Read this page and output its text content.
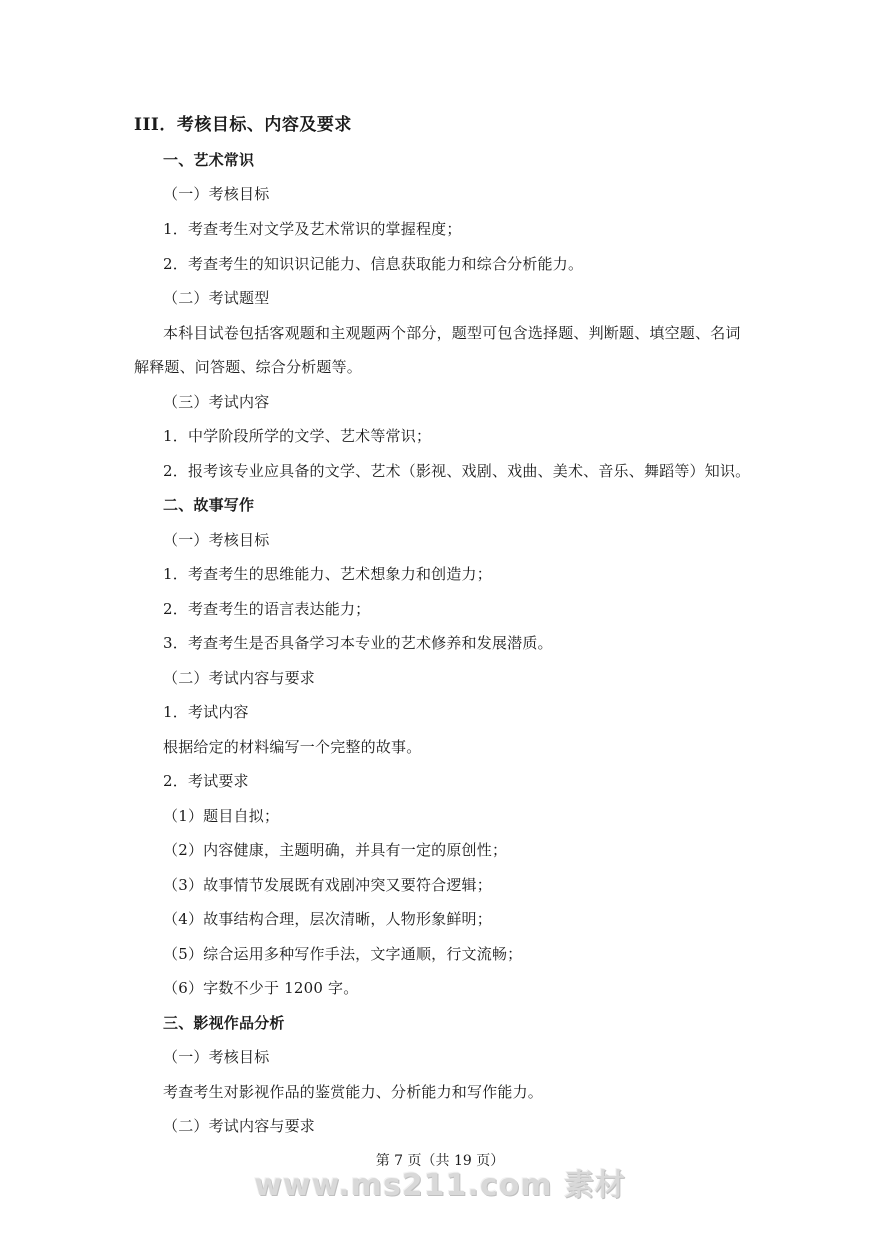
III．考核目标、内容及要求
一、艺术常识
（一）考核目标
1．考查考生对文学及艺术常识的掌握程度；
2．考查考生的知识识记能力、信息获取能力和综合分析能力。
（二）考试题型
本科目试卷包括客观题和主观题两个部分，题型可包含选择题、判断题、填空题、名词
解释题、问答题、综合分析题等。
（三）考试内容
1．中学阶段所学的文学、艺术等常识；
2．报考该专业应具备的文学、艺术（影视、戏剧、戏曲、美术、音乐、舞蹈等）知识。
二、故事写作
（一）考核目标
1．考查考生的思维能力、艺术想象力和创造力；
2．考查考生的语言表达能力；
3．考查考生是否具备学习本专业的艺术修养和发展潜质。
（二）考试内容与要求
1．考试内容
根据给定的材料编写一个完整的故事。
2．考试要求
（1）题目自拟；
（2）内容健康，主题明确，并具有一定的原创性；
（3）故事情节发展既有戏剧冲突又要符合逻辑；
（4）故事结构合理，层次清晰，人物形象鲜明；
（5）综合运用多种写作手法，文字通顺，行文流畅；
（6）字数不少于 1200 字。
三、影视作品分析
（一）考核目标
考查考生对影视作品的鉴赏能力、分析能力和写作能力。
（二）考试内容与要求
第 7 页（共 19 页）
www.ms211.com 素材
